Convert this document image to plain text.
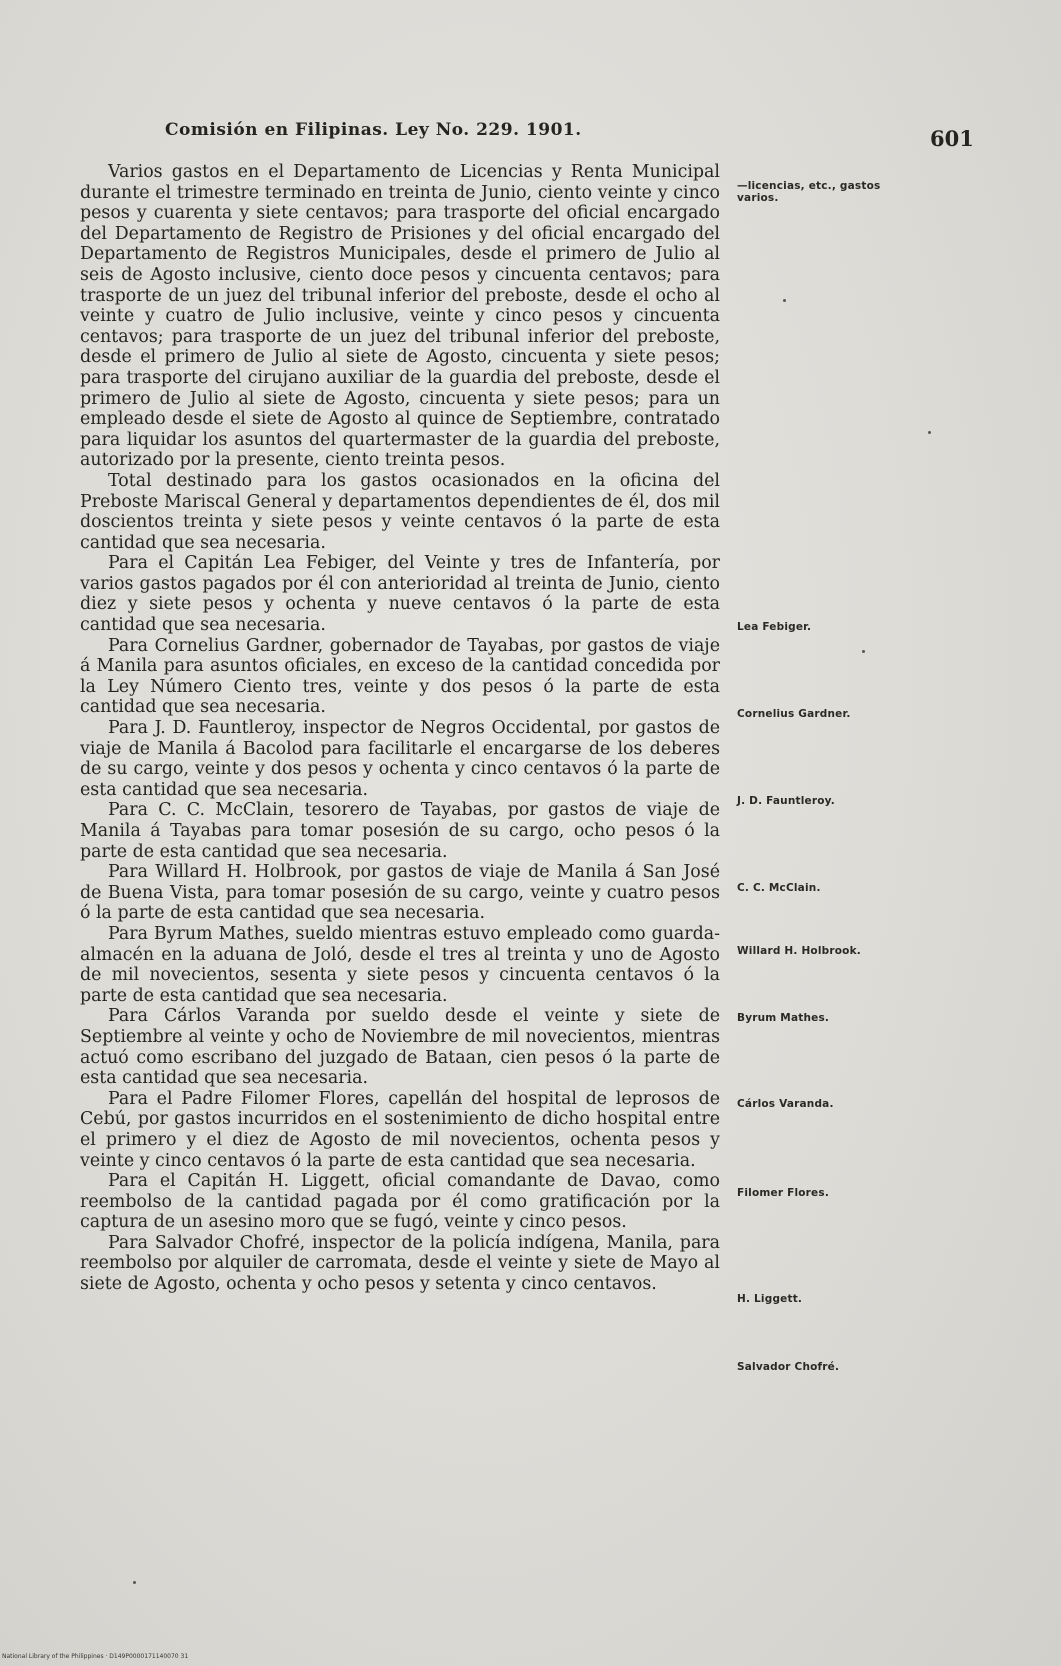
Comisión en Filipinas. Ley No. 229. 1901.	601

Varios gastos en el Departamento de Licencias y Renta Municipal durante el trimestre terminado en treinta de Junio, ciento veinte y cinco pesos y cuarenta y siete centavos; para trasporte del oficial encargado del Departamento de Registro de Prisiones y del oficial encargado del Departamento de Registros Municipales, desde el primero de Julio al seis de Agosto inclusive, ciento doce pesos y cincuenta centavos; para trasporte de un juez del tribunal inferior del preboste, desde el ocho al veinte y cuatro de Julio inclusive, veinte y cinco pesos y cincuenta centavos; para trasporte de un juez del tribunal inferior del preboste, desde el primero de Julio al siete de Agosto, cincuenta y siete pesos; para trasporte del cirujano auxiliar de la guardia del preboste, desde el primero de Julio al siete de Agosto, cincuenta y siete pesos; para un empleado desde el siete de Agosto al quince de Septiembre, contratado para liquidar los asuntos del quartermaster de la guardia del preboste, autorizado por la presente, ciento treinta pesos.

Total destinado para los gastos ocasionados en la oficina del Preboste Mariscal General y departamentos dependientes de él, dos mil doscientos treinta y siete pesos y veinte centavos ó la parte de esta cantidad que sea necesaria.

Para el Capitán Lea Febiger, del Veinte y tres de Infantería, por varios gastos pagados por él con anterioridad al treinta de Junio, ciento diez y siete pesos y ochenta y nueve centavos ó la parte de esta cantidad que sea necesaria.

Para Cornelius Gardner, gobernador de Tayabas, por gastos de viaje á Manila para asuntos oficiales, en exceso de la cantidad concedida por la Ley Número Ciento tres, veinte y dos pesos ó la parte de esta cantidad que sea necesaria.

Para J. D. Fauntleroy, inspector de Negros Occidental, por gastos de viaje de Manila á Bacolod para facilitarle el encargarse de los deberes de su cargo, veinte y dos pesos y ochenta y cinco centavos ó la parte de esta cantidad que sea necesaria.

Para C. C. McClain, tesorero de Tayabas, por gastos de viaje de Manila á Tayabas para tomar posesión de su cargo, ocho pesos ó la parte de esta cantidad que sea necesaria.

Para Willard H. Holbrook, por gastos de viaje de Manila á San José de Buena Vista, para tomar posesión de su cargo, veinte y cuatro pesos ó la parte de esta cantidad que sea necesaria.

Para Byrum Mathes, sueldo mientras estuvo empleado como guarda-almacén en la aduana de Joló, desde el tres al treinta y uno de Agosto de mil novecientos, sesenta y siete pesos y cincuenta centavos ó la parte de esta cantidad que sea necesaria.

Para Cárlos Varanda por sueldo desde el veinte y siete de Septiembre al veinte y ocho de Noviembre de mil novecientos, mientras actuó como escribano del juzgado de Bataan, cien pesos ó la parte de esta cantidad que sea necesaria.

Para el Padre Filomer Flores, capellán del hospital de leprosos de Cebú, por gastos incurridos en el sostenimiento de dicho hospital entre el primero y el diez de Agosto de mil novecientos, ochenta pesos y veinte y cinco centavos ó la parte de esta cantidad que sea necesaria.

Para el Capitán H. Liggett, oficial comandante de Davao, como reembolso de la cantidad pagada por él como gratificación por la captura de un asesino moro que se fugó, veinte y cinco pesos.

Para Salvador Chofré, inspector de la policía indígena, Manila, para reembolso por alquiler de carromata, desde el veinte y siete de Mayo al siete de Agosto, ochenta y ocho pesos y setenta y cinco centavos.

—licencias, etc., gastos varios.
Lea Febiger.
Cornelius Gardner.
J. D. Fauntleroy.
C. C. McClain.
Willard H. Holbrook.
Byrum Mathes.
Cárlos Varanda.
Filomer Flores.
H. Liggett.
Salvador Chofré.
National Library of the Philippines · D149P0000171140070 31
